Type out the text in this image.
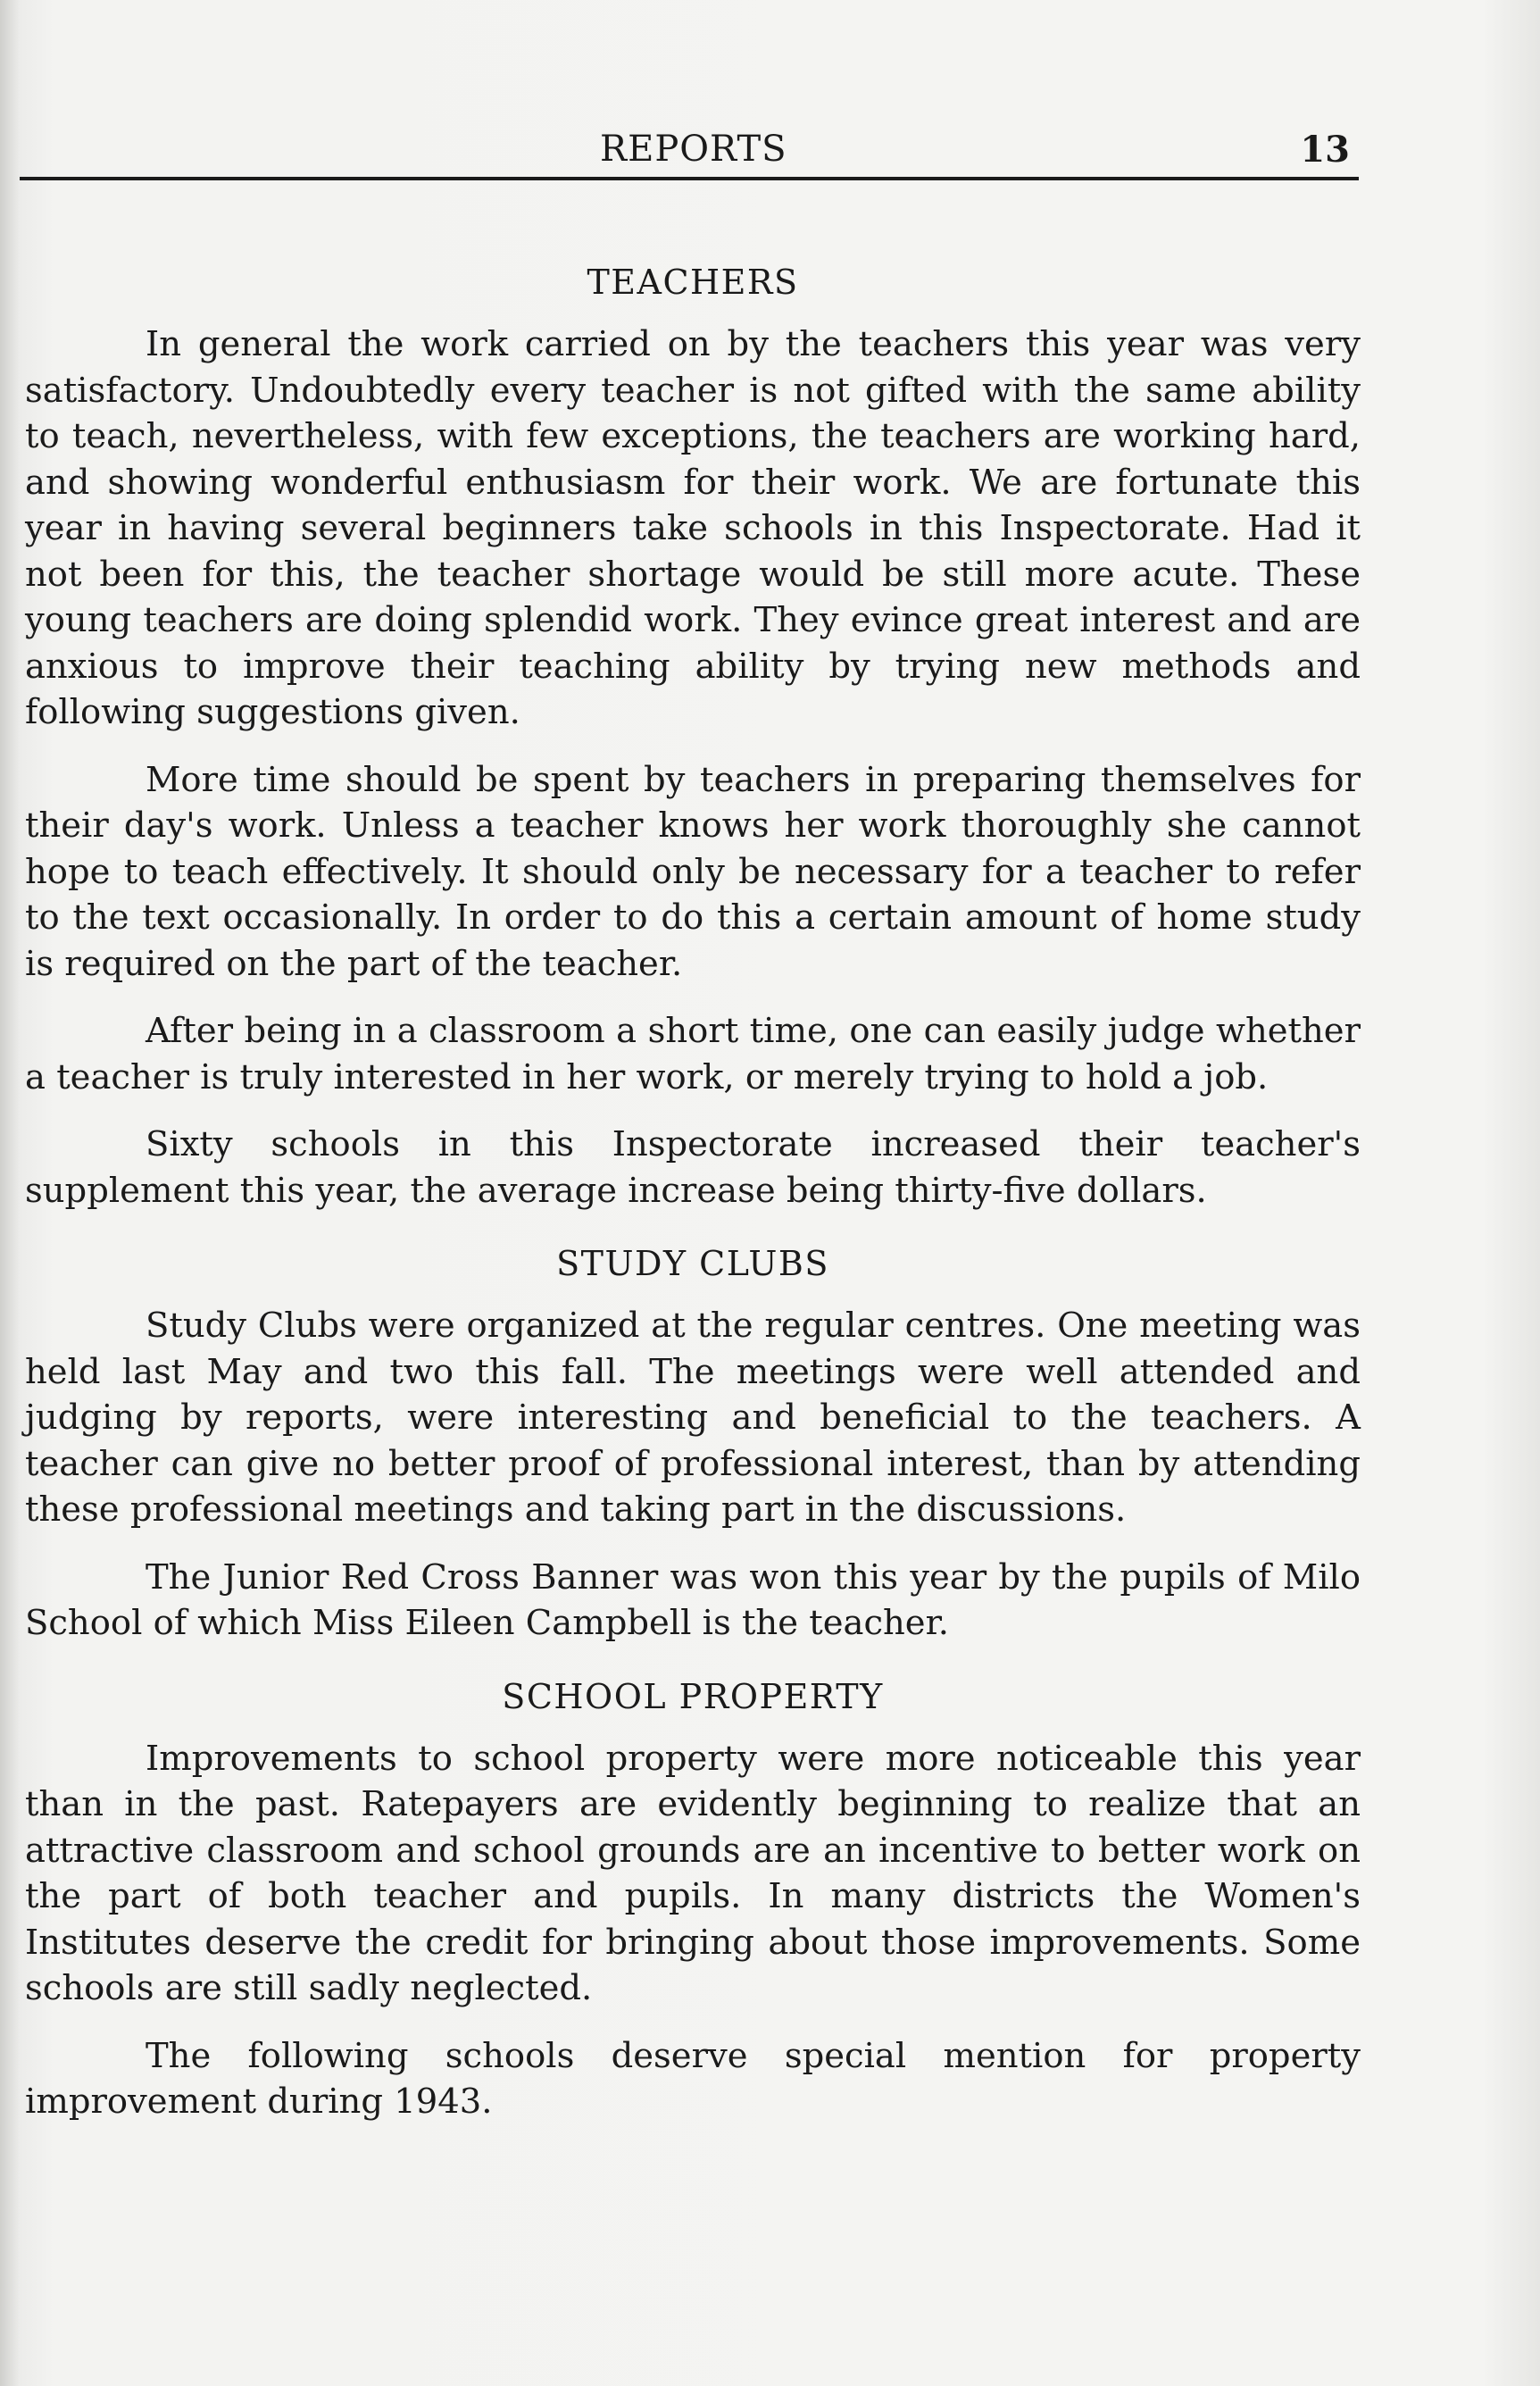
REPORTS	13
TEACHERS

In general the work carried on by the teachers this year was very satisfactory. Undoubtedly every teacher is not gifted with the same ability to teach, nevertheless, with few exceptions, the teachers are working hard, and showing wonderful enthusiasm for their work. We are fortunate this year in having several beginners take schools in this Inspectorate. Had it not been for this, the teacher shortage would be still more acute. These young teachers are doing splendid work. They evince great interest and are anxious to improve their teaching ability by trying new methods and following suggestions given.

More time should be spent by teachers in preparing themselves for their day's work. Unless a teacher knows her work thoroughly she cannot hope to teach effectively. It should only be necessary for a teacher to refer to the text occasionally. In order to do this a certain amount of home study is required on the part of the teacher.

After being in a classroom a short time, one can easily judge whether a teacher is truly interested in her work, or merely trying to hold a job.

Sixty schools in this Inspectorate increased their teacher's supplement this year, the average increase being thirty-five dollars.

STUDY CLUBS

Study Clubs were organized at the regular centres. One meeting was held last May and two this fall. The meetings were well attended and judging by reports, were interesting and beneficial to the teachers. A teacher can give no better proof of professional interest, than by attending these professional meetings and taking part in the discussions.

The Junior Red Cross Banner was won this year by the pupils of Milo School of which Miss Eileen Campbell is the teacher.

SCHOOL PROPERTY

Improvements to school property were more noticeable this year than in the past. Ratepayers are evidently beginning to realize that an attractive classroom and school grounds are an incentive to better work on the part of both teacher and pupils. In many districts the Women's Institutes deserve the credit for bringing about those improvements. Some schools are still sadly neglected.

The following schools deserve special mention for property improvement during 1943.
